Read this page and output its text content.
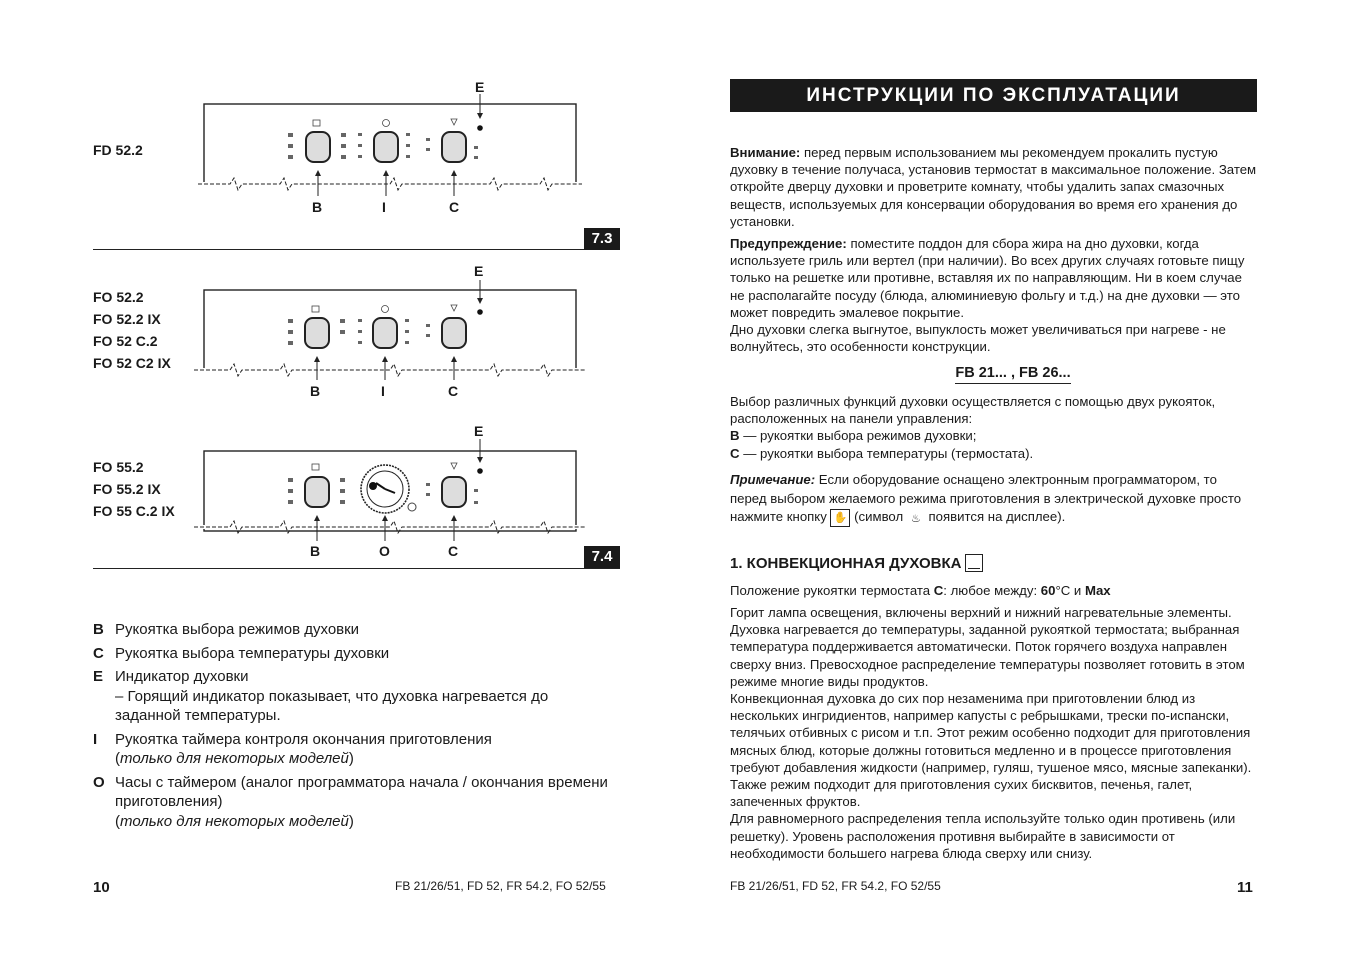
FD 52.2
E
B	I	C
7.3
FO 52.2
FO 52.2 IX
FO 52 C.2
FO 52 C2 IX
E
B	I	C
FO 55.2
FO 55.2 IX
FO 55 C.2 IX
E
B	O	C	7.4
B Рукоятка выбора режимов духовки
C Рукоятка выбора температуры духовки
E Индикатор духовки
– Горящий индикатор показывает, что духовка нагревается до заданной температуры.
I	Рукоятка таймера контроля окончания приготовления
(только для некоторых моделей)
O Часы с таймером (аналог программатора начала / окончания времени приготовления)
(только для некоторых моделей)
10	FB 21/26/51, FD 52, FR 54.2, FO 52/55
ИНСТРУКЦИИ ПО ЭКСПЛУАТАЦИИ

Внимание: перед первым использованием мы рекомендуем прокалить пустую духовку в течение получаса, установив термостат в максимальное положение. Затем откройте дверцу духовки и проветрите комнату, чтобы удалить запах смазочных веществ, используемых для консервации оборудования во время его хранения до установки.

Предупреждение: поместите поддон для сбора жира на дно духовки, когда используете гриль или вертел (при наличии). Во всех других случаях готовьте пищу только на решетке или противне, вставляя их по направляющим. Ни в коем случае не располагайте посуду (блюда, алюминиевую фольгу и т.д.) на дне духовки — это может повредить эмалевое покрытие.

Дно духовки слегка выгнутое, выпуклость может увеличиваться при нагреве - не волнуйтесь, это особенности конструкции.

FB 21... , FB 26...

Выбор различных функций духовки осуществляется с помощью двух рукояток, расположенных на панели управления:

B — рукоятки выбора режимов духовки;

C — рукоятки выбора температуры (термостата).

Примечание: Если оборудование оснащено электронным программатором, то перед выбором желаемого режима приготовления в электрической духовке просто нажмите кнопку ✋ (символ ♨ появится на дисплее).

1. КОНВЕКЦИОННАЯ ДУХОВКА

Положение рукоятки термостата C: любое между: 60°C и Max

Горит лампа освещения, включены верхний и нижний нагревательные элементы. Духовка нагревается до температуры, заданной рукояткой термостата; выбранная температура поддерживается автоматически. Поток горячего воздуха направлен сверху вниз. Превосходное распределение температуры позволяет готовить в этом режиме многие виды продуктов.

Конвекционная духовка до сих пор незаменима при приготовлении блюд из нескольких ингридиентов, например капусты с ребрышками, трески по-испански, телячьих отбивных с рисом и т.п. Этот режим особенно подходит для приготовления мясных блюд, которые должны готовиться медленно и в процессе приготовления требуют добавления жидкости (например, гуляш, тушеное мясо, мясные запеканки). Также режим подходит для приготовления сухих бисквитов, печенья, галет, запеченных фруктов.

Для равномерного распределения тепла используйте только один противень (или решетку). Уровень расположения противня выбирайте в зависимости от необходимости большего нагрева блюда сверху или снизу.

FB 21/26/51, FD 52, FR 54.2, FO 52/55	11
